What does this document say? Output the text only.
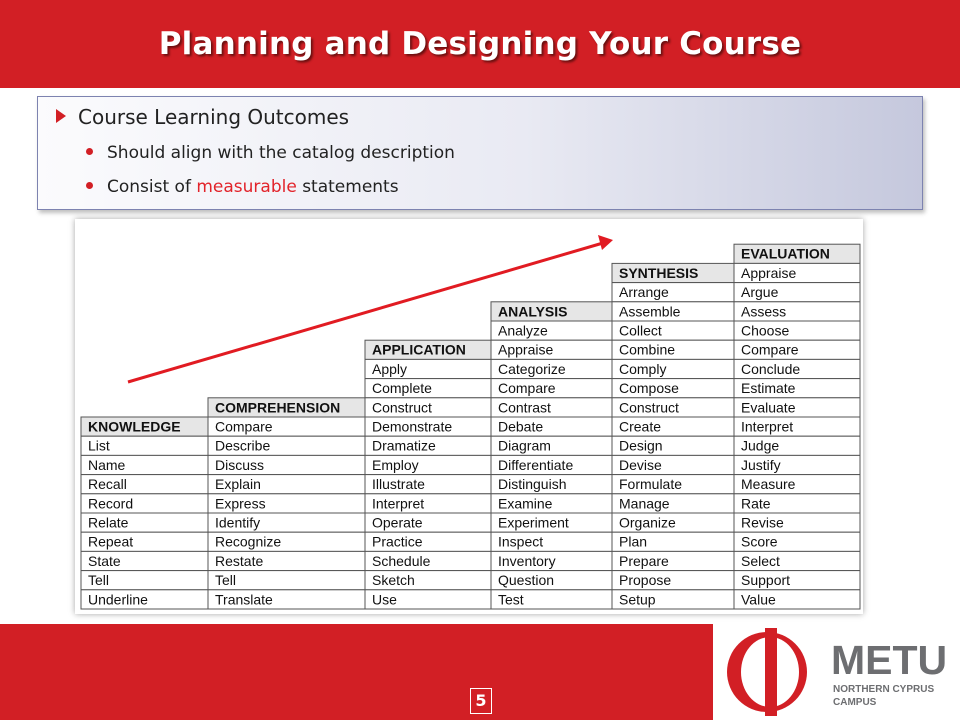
Planning and Designing Your Course
Course Learning Outcomes
Should align with the catalog description
Consist of measurable statements
KNOWLEDGE
List
Name
Recall
Record
Relate
Repeat
State
Tell
Underline
COMPREHENSION
Compare
Describe
Discuss
Explain
Express
Identify
Recognize
Restate
Tell
Translate
APPLICATION
Apply
Complete
Construct
Demonstrate
Dramatize
Employ
Illustrate
Interpret
Operate
Practice
Schedule
Sketch
Use
ANALYSIS
Analyze
Appraise
Categorize
Compare
Contrast
Debate
Diagram
Differentiate
Distinguish
Examine
Experiment
Inspect
Inventory
Question
Test
SYNTHESIS
Arrange
Assemble
Collect
Combine
Comply
Compose
Construct
Create
Design
Devise
Formulate
Manage
Organize
Plan
Prepare
Propose
Setup
EVALUATION
Appraise
Argue
Assess
Choose
Compare
Conclude
Estimate
Evaluate
Interpret
Judge
Justify
Measure
Rate
Revise
Score
Select
Support
Value
METU
NORTHERN CYPRUS
CAMPUS
5
